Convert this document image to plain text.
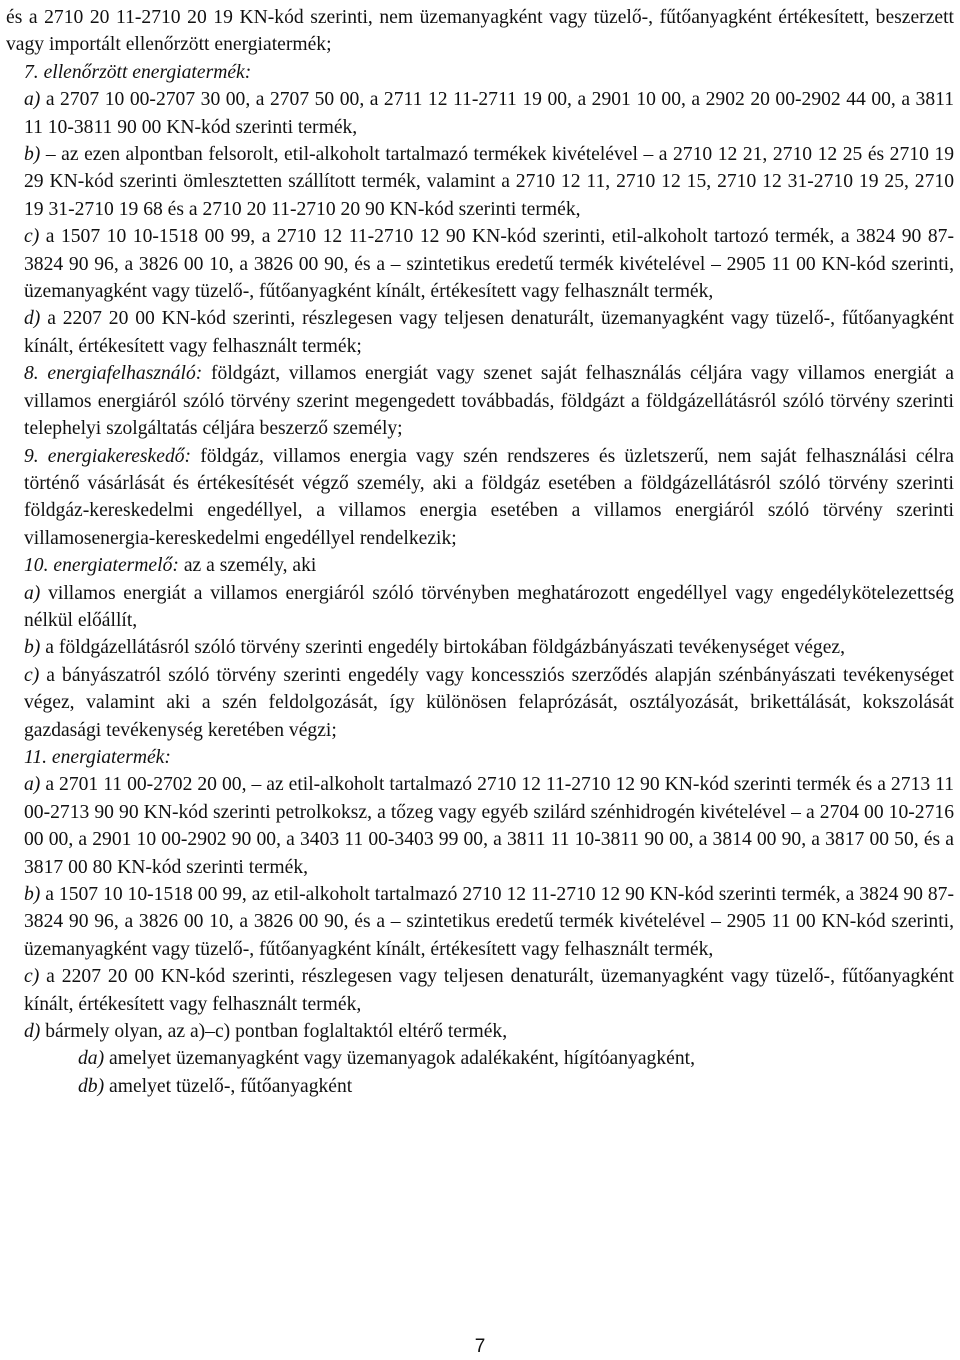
és a 2710 20 11-2710 20 19 KN-kód szerinti, nem üzemanyagként vagy tüzelő-, fűtőanyagként értékesített, beszerzett vagy importált ellenőrzött energiatermék;

7. ellenőrzött energiatermék:

a) a 2707 10 00-2707 30 00, a 2707 50 00, a 2711 12 11-2711 19 00, a 2901 10 00, a 2902 20 00-2902 44 00, a 3811 11 10-3811 90 00 KN-kód szerinti termék,

b) – az ezen alpontban felsorolt, etil-alkoholt tartalmazó termékek kivételével – a 2710 12 21, 2710 12 25 és 2710 19 29 KN-kód szerinti ömlesztetten szállított termék, valamint a 2710 12 11, 2710 12 15, 2710 12 31-2710 19 25, 2710 19 31-2710 19 68 és a 2710 20 11-2710 20 90 KN-kód szerinti termék,

c) a 1507 10 10-1518 00 99, a 2710 12 11-2710 12 90 KN-kód szerinti, etil-alkoholt tartozó termék, a 3824 90 87-3824 90 96, a 3826 00 10, a 3826 00 90, és a – szintetikus eredetű termék kivételével – 2905 11 00 KN-kód szerinti, üzemanyagként vagy tüzelő-, fűtőanyagként kínált, értékesített vagy felhasznált termék,

d) a 2207 20 00 KN-kód szerinti, részlegesen vagy teljesen denaturált, üzemanyagként vagy tüzelő-, fűtőanyagként kínált, értékesített vagy felhasznált termék;

8. energiafelhasználó: földgázt, villamos energiát vagy szenet saját felhasználás céljára vagy villamos energiát a villamos energiáról szóló törvény szerint megengedett továbbadás, földgázt a földgázellátásról szóló törvény szerinti telephelyi szolgáltatás céljára beszerző személy;

9. energiakereskedő: földgáz, villamos energia vagy szén rendszeres és üzletszerű, nem saját felhasználási célra történő vásárlását és értékesítését végző személy, aki a földgáz esetében a földgázellátásról szóló törvény szerinti földgáz-kereskedelmi engedéllyel, a villamos energia esetében a villamos energiáról szóló törvény szerinti villamosenergia-kereskedelmi engedéllyel rendelkezik;

10. energiatermelő: az a személy, aki

a) villamos energiát a villamos energiáról szóló törvényben meghatározott engedéllyel vagy engedélykötelezettség nélkül előállít,

b) a földgázellátásról szóló törvény szerinti engedély birtokában földgázbányászati tevékenységet végez,

c) a bányászatról szóló törvény szerinti engedély vagy koncessziós szerződés alapján szénbányászati tevékenységet végez, valamint aki a szén feldolgozását, így különösen felaprózását, osztályozását, brikettálását, kokszolását gazdasági tevékenység keretében végzi;

11. energiatermék:

a) a 2701 11 00-2702 20 00, – az etil-alkoholt tartalmazó 2710 12 11-2710 12 90 KN-kód szerinti termék és a 2713 11 00-2713 90 90 KN-kód szerinti petrolkoksz, a tőzeg vagy egyéb szilárd szénhidrogén kivételével – a 2704 00 10-2716 00 00, a 2901 10 00-2902 90 00, a 3403 11 00-3403 99 00, a 3811 11 10-3811 90 00, a 3814 00 90, a 3817 00 50, és a 3817 00 80 KN-kód szerinti termék,

b) a 1507 10 10-1518 00 99, az etil-alkoholt tartalmazó 2710 12 11-2710 12 90 KN-kód szerinti termék, a 3824 90 87- 3824 90 96, a 3826 00 10, a 3826 00 90, és a – szintetikus eredetű termék kivételével – 2905 11 00 KN-kód szerinti, üzemanyagként vagy tüzelő-, fűtőanyagként kínált, értékesített vagy felhasznált termék,

c) a 2207 20 00 KN-kód szerinti, részlegesen vagy teljesen denaturált, üzemanyagként vagy tüzelő-, fűtőanyagként kínált, értékesített vagy felhasznált termék,

d) bármely olyan, az a)–c) pontban foglaltaktól eltérő termék,

da) amelyet üzemanyagként vagy üzemanyagok adalékaként, hígítóanyagként,

db) amelyet tüzelő-, fűtőanyagként

7
